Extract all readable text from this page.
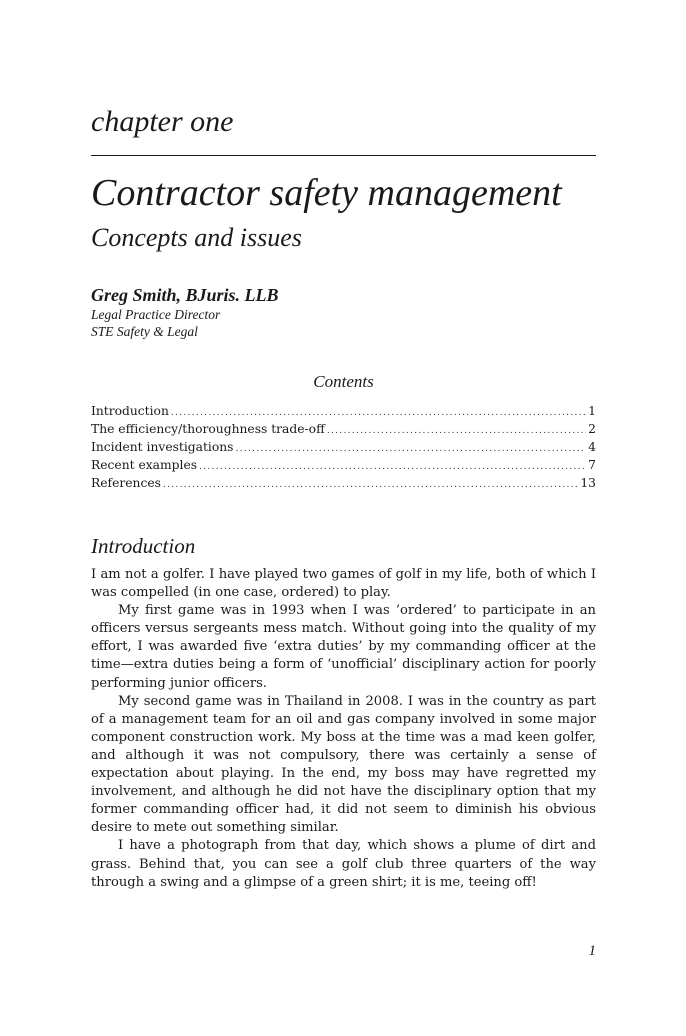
chapter one
Contractor safety management
Concepts and issues

Greg Smith, BJuris. LLB

Legal Practice Director

STE Safety & Legal

Contents
Introduction .....	1
The efficiency/thoroughness trade-off .....	2
Incident investigations .....	4
Recent examples .....	7
References .....	13
Introduction

I am not a golfer. I have played two games of golf in my life, both of which I was compelled (in one case, ordered) to play.

My first game was in 1993 when I was ‘ordered’ to participate in an officers versus sergeants mess match. Without going into the quality of my effort, I was awarded five ‘extra duties’ by my commanding officer at the time—extra duties being a form of ‘unofficial’ disciplinary action for poorly performing junior officers.

My second game was in Thailand in 2008. I was in the country as part of a management team for an oil and gas company involved in some major component construction work. My boss at the time was a mad keen golfer, and although it was not compulsory, there was certainly a sense of expectation about playing. In the end, my boss may have regretted my involvement, and although he did not have the disciplinary option that my former commanding officer had, it did not seem to diminish his obvious desire to mete out something similar.

I have a photograph from that day, which shows a plume of dirt and grass. Behind that, you can see a golf club three quarters of the way through a swing and a glimpse of a green shirt; it is me, teeing off!

1
